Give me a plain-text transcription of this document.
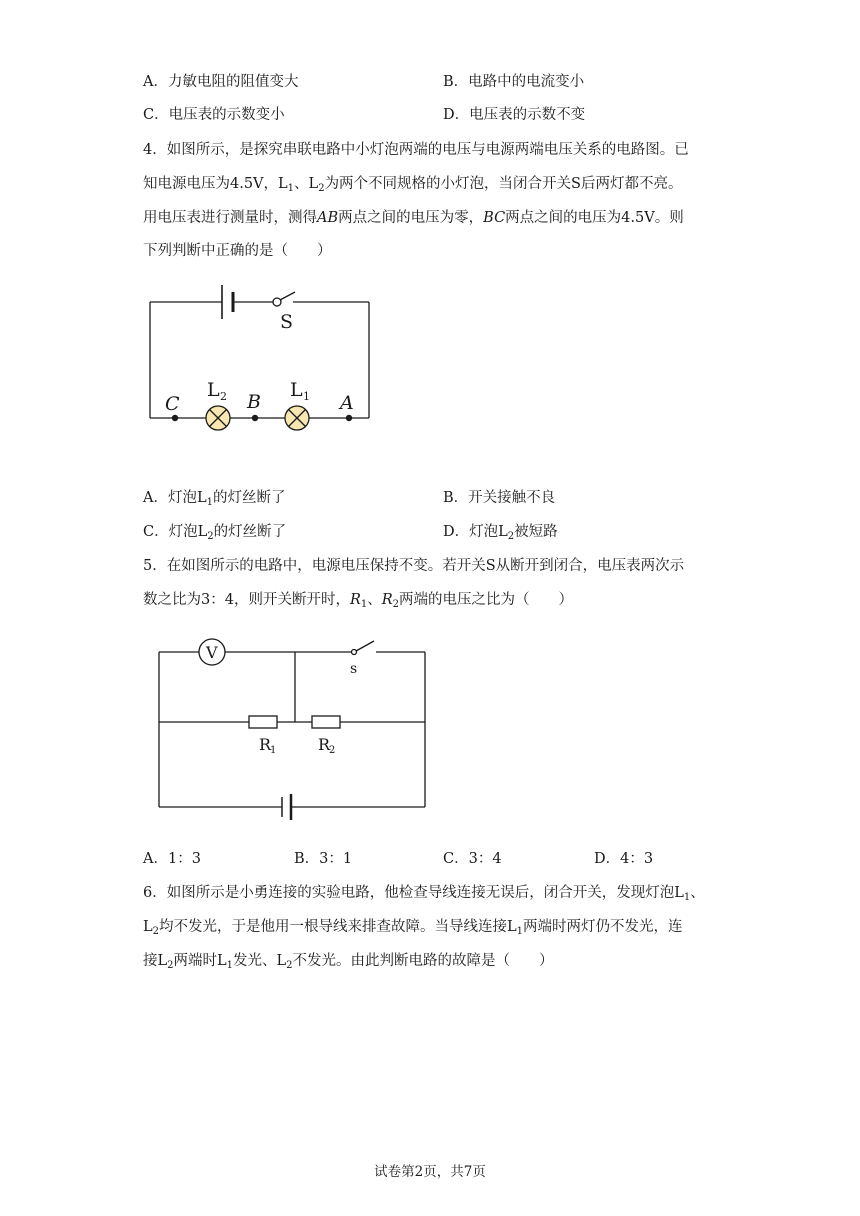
A．力敏电阻的阻值变大	B．电路中的电流变小
C．电压表的示数变小	D．电压表的示数不变
4．如图所示，是探究串联电路中小灯泡两端的电压与电源两端电压关系的电路图。已
知电源电压为4.5V，$L_1$、$L_2$为两个不同规格的小灯泡，当闭合开关S后两灯都不亮。
用电压表进行测量时，测得AB两点之间的电压为零，BC两点之间的电压为4.5V。则
下列判断中正确的是（　　）
S
C	B	A
L 2	L 1
A．灯泡$L_1$的灯丝断了	B．开关接触不良
C．灯泡$L_2$的灯丝断了	D．灯泡$L_2$被短路
5．在如图所示的电路中，电源电压保持不变。若开关S从断开到闭合，电压表两次示
数之比为3：4，则开关断开时，$R_1$、$R_2$两端的电压之比为（　　）
V
s
R
1	R
2
A．1：3	B．3：1	C．3：4	D．4：3
6．如图所示是小勇连接的实验电路，他检查导线连接无误后，闭合开关，发现灯泡$L_1$、
$L_2$均不发光，于是他用一根导线来排查故障。当导线连接$L_1$两端时两灯仍不发光，连
接$L_2$两端时$L_1$发光、$L_2$不发光。由此判断电路的故障是（　　）
试卷第2页，共7页
